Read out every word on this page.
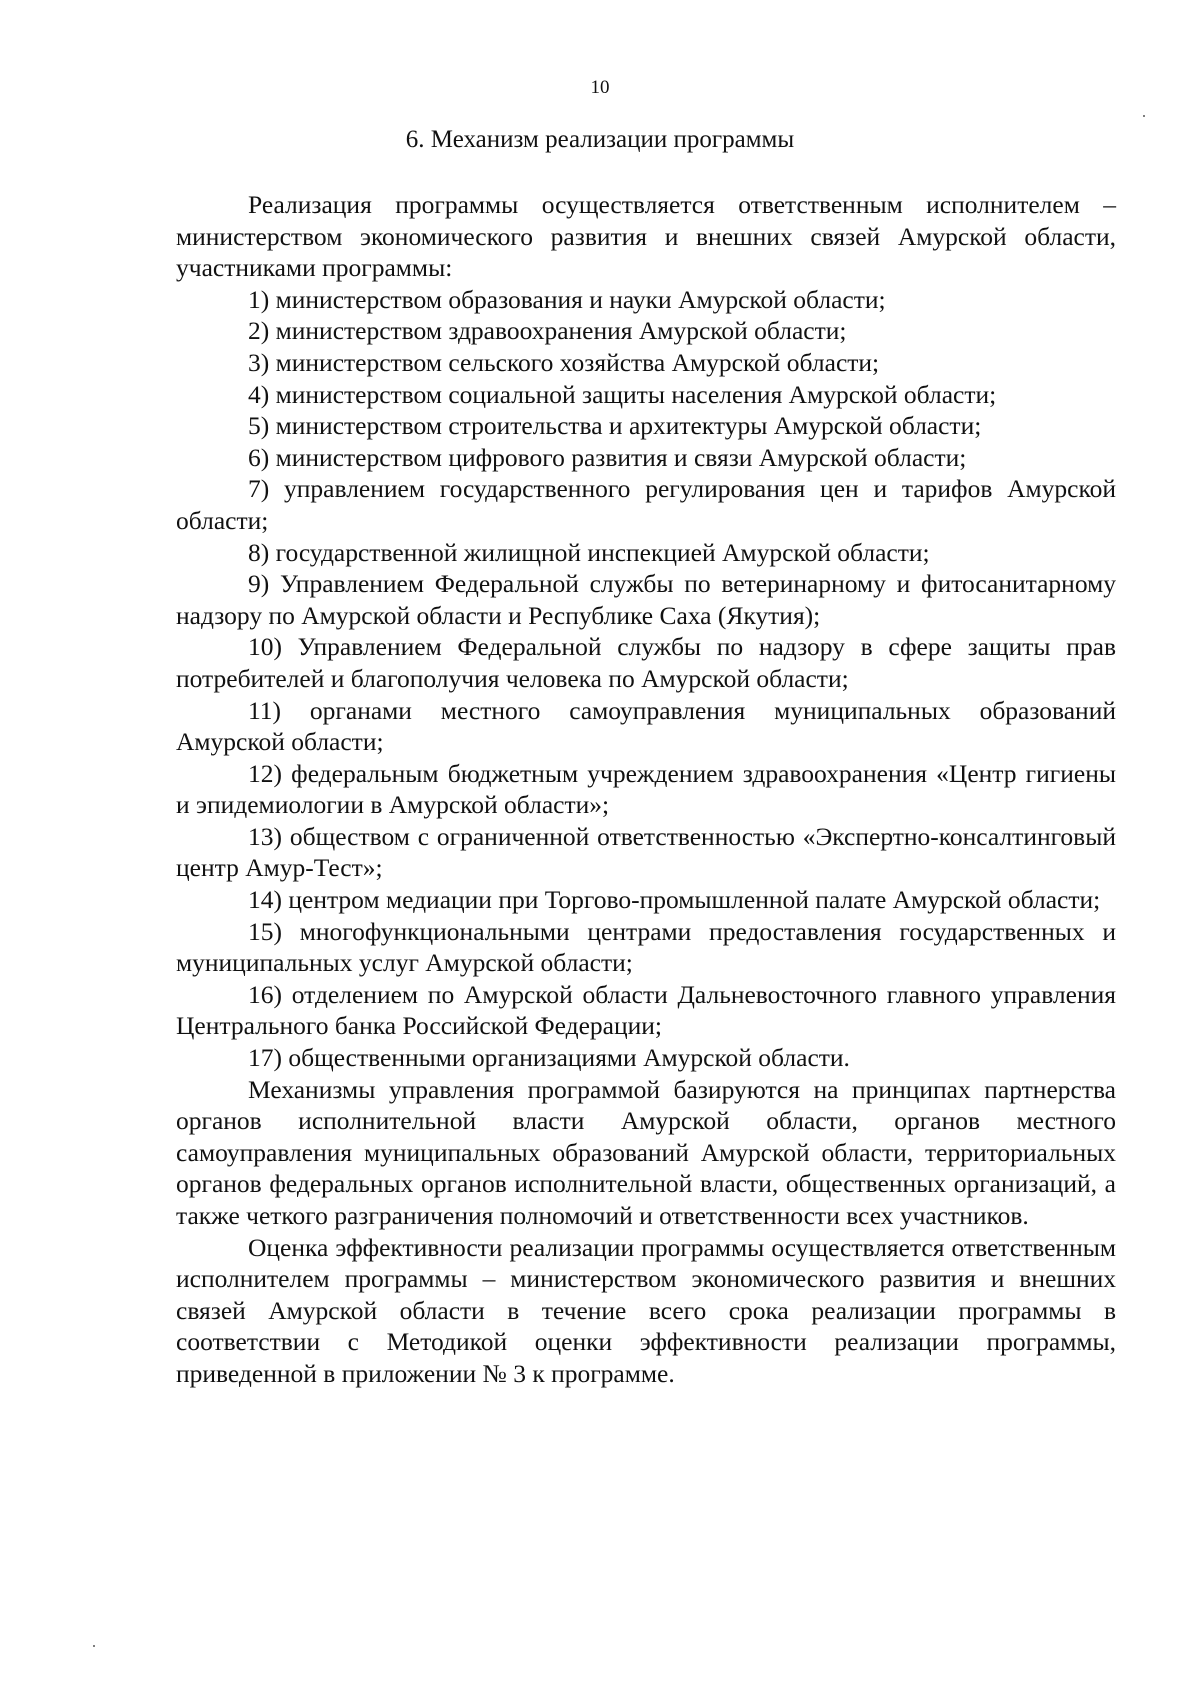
10
6. Механизм реализации программы

Реализация программы осуществляется ответственным исполнителем – министерством экономического развития и внешних связей Амурской области, участниками программы:

1) министерством образования и науки Амурской области;

2) министерством здравоохранения Амурской области;

3) министерством сельского хозяйства Амурской области;

4) министерством социальной защиты населения Амурской области;

5) министерством строительства и архитектуры Амурской области;

6) министерством цифрового развития и связи Амурской области;

7) управлением государственного регулирования цен и тарифов Амурской области;

8) государственной жилищной инспекцией Амурской области;

9) Управлением Федеральной службы по ветеринарному и фитосанитарному надзору по Амурской области и Республике Саха (Якутия);

10) Управлением Федеральной службы по надзору в сфере защиты прав потребителей и благополучия человека по Амурской области;

11) органами местного самоуправления муниципальных образований Амурской области;

12) федеральным бюджетным учреждением здравоохранения «Центр гигиены и эпидемиологии в Амурской области»;

13) обществом с ограниченной ответственностью «Экспертно-консалтинговый центр Амур-Тест»;

14) центром медиации при Торгово-промышленной палате Амурской области;

15) многофункциональными центрами предоставления государственных и муниципальных услуг Амурской области;

16) отделением по Амурской области Дальневосточного главного управления Центрального банка Российской Федерации;

17) общественными организациями Амурской области.

Механизмы управления программой базируются на принципах партнерства органов исполнительной власти Амурской области, органов местного самоуправления муниципальных образований Амурской области, территориальных органов федеральных органов исполнительной власти, общественных организаций, а также четкого разграничения полномочий и ответственности всех участников.

Оценка эффективности реализации программы осуществляется ответственным исполнителем программы – министерством экономического развития и внешних связей Амурской области в течение всего срока реализации программы в соответствии с Методикой оценки эффективности реализации программы, приведенной в приложении № 3 к программе.
